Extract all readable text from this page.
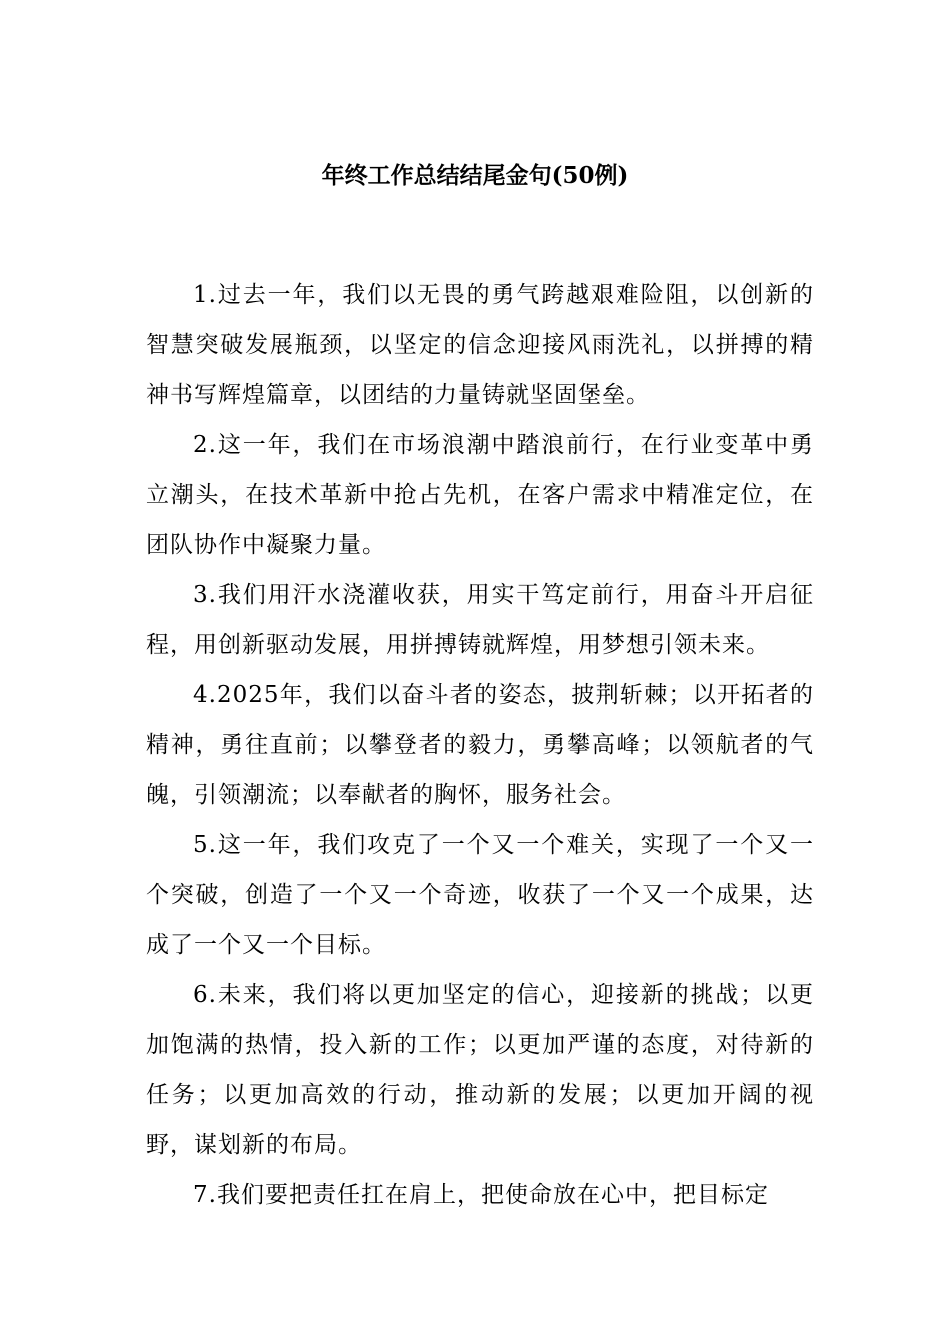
年终工作总结结尾金句(50例)

1.过去一年，我们以无畏的勇气跨越艰难险阻，以创新的智慧突破发展瓶颈，以坚定的信念迎接风雨洗礼，以拼搏的精神书写辉煌篇章，以团结的力量铸就坚固堡垒。

2.这一年，我们在市场浪潮中踏浪前行，在行业变革中勇立潮头，在技术革新中抢占先机，在客户需求中精准定位，在团队协作中凝聚力量。

3.我们用汗水浇灌收获，用实干笃定前行，用奋斗开启征程，用创新驱动发展，用拼搏铸就辉煌，用梦想引领未来。

4.2025年，我们以奋斗者的姿态，披荆斩棘；以开拓者的精神，勇往直前；以攀登者的毅力，勇攀高峰；以领航者的气魄，引领潮流；以奉献者的胸怀，服务社会。

5.这一年，我们攻克了一个又一个难关，实现了一个又一个突破，创造了一个又一个奇迹，收获了一个又一个成果，达成了一个又一个目标。

6.未来，我们将以更加坚定的信心，迎接新的挑战；以更加饱满的热情，投入新的工作；以更加严谨的态度，对待新的任务；以更加高效的行动，推动新的发展；以更加开阔的视野，谋划新的布局。

7.我们要把责任扛在肩上，把使命放在心中，把目标定
